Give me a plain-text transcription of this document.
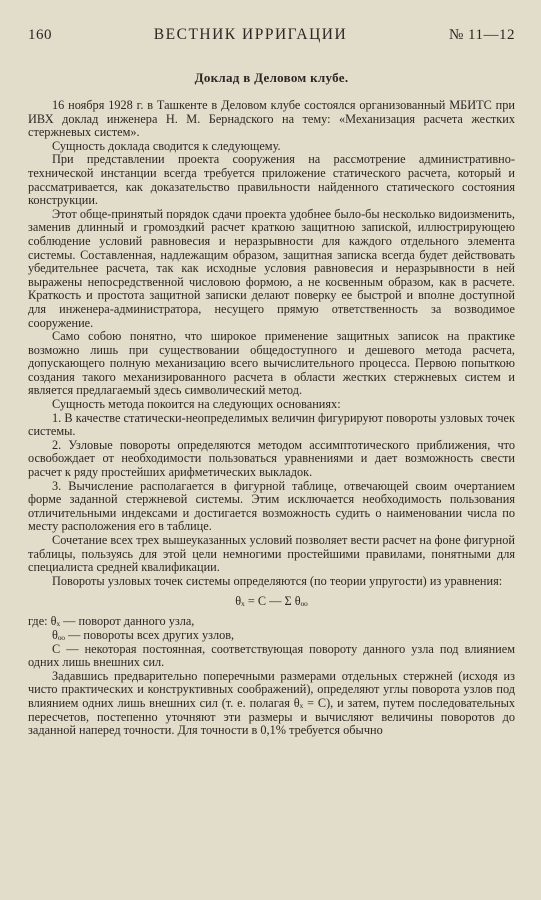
160	ВЕСТНИК ИРРИГАЦИИ	№ 11—12
Доклад в Деловом клубе.

16 ноября 1928 г. в Ташкенте в Деловом клубе состоялся организованный МБИТС при ИВХ доклад инженера Н. М. Бернадского на тему: «Механизация расчета жестких стержневых систем».

Сущность доклада сводится к следующему.

При представлении проекта сооружения на рассмотрение административно-технической инстанции всегда требуется приложение статического расчета, который и рассматривается, как доказательство правильности найденного статического состояния конструкции.

Этот обще-принятый порядок сдачи проекта удобнее было-бы несколько видоизменить, заменив длинный и громоздкий расчет краткою защитною запиской, иллюстрирующею соблюдение условий равновесия и неразрывности для каждого отдельного элемента системы. Составленная, надлежащим образом, защитная записка всегда будет действовать убедительнее расчета, так как исходные условия равновесия и неразрывности в ней выражены непосредственной числовою формою, а не косвенным образом, как в расчете. Краткость и простота защитной записки делают поверку ее быстрой и вполне доступной для инженера-администратора, несущего прямую ответственность за возводимое сооружение.

Само собою понятно, что широкое применение защитных записок на практике возможно лишь при существовании общедоступного и дешевого метода расчета, допускающего полную механизацию всего вычислительного процесса. Первою попыткою создания такого механизированного расчета в области жестких стержневых систем и является предлагаемый здесь символический метод.

Сущность метода покоится на следующих основаниях:

1. В качестве статически-неопределимых величин фигурируют повороты узловых точек системы.

2. Узловые повороты определяются методом ассимптотического приближения, что освобождает от необходимости пользоваться уравнениями и дает возможность свести расчет к ряду простейших арифметических выкладок.

3. Вычисление располагается в фигурной таблице, отвечающей своим очертанием форме заданной стержневой системы. Этим исключается необходимость пользования отличительными индексами и достигается возможность судить о наименовании числа по месту расположения его в таблице.

Сочетание всех трех вышеуказанных условий позволяет вести расчет на фоне фигурной таблицы, пользуясь для этой цели немногими простейшими правилами, понятными для специалиста средней квалификации.

Повороты узловых точек системы определяются (по теории упругости) из уравнения:

θₓ = C — Σ θₒₒ

где: θₓ — поворот данного узла,

θₒₒ — повороты всех других узлов,

C — некоторая постоянная, соответствующая повороту данного узла под влиянием одних лишь внешних сил.

Задавшись предварительно поперечными размерами отдельных стержней (исходя из чисто практических и конструктивных соображений), определяют углы поворота узлов под влиянием одних лишь внешних сил (т. е. полагая θₓ = C), и затем, путем последовательных пересчетов, постепенно уточняют эти размеры и вычисляют величины поворотов до заданной наперед точности. Для точности в 0,1% требуется обычно
